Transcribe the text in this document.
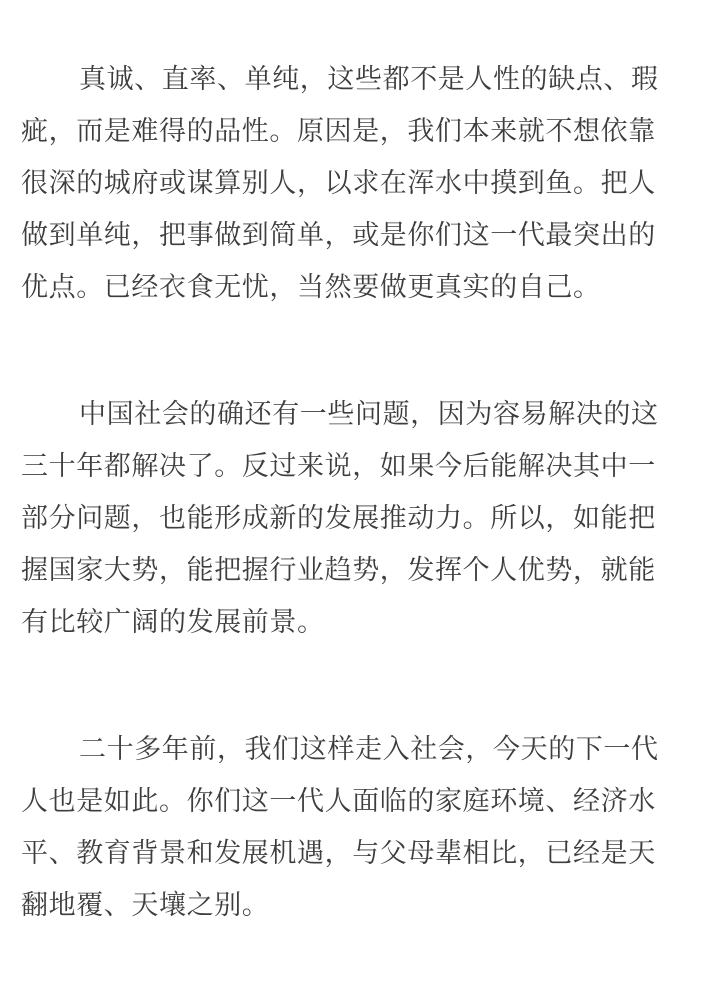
真诚、直率、单纯，这些都不是人性的缺点、瑕
疵，而是难得的品性。原因是，我们本来就不想依靠
很深的城府或谋算别人，以求在浑水中摸到鱼。把人
做到单纯，把事做到简单，或是你们这一代最突出的
优点。已经衣食无忧，当然要做更真实的自己。
中国社会的确还有一些问题，因为容易解决的这
三十年都解决了。反过来说，如果今后能解决其中一
部分问题，也能形成新的发展推动力。所以，如能把
握国家大势，能把握行业趋势，发挥个人优势，就能
有比较广阔的发展前景。
二十多年前，我们这样走入社会，今天的下一代
人也是如此。你们这一代人面临的家庭环境、经济水
平、教育背景和发展机遇，与父母辈相比，已经是天
翻地覆、天壤之别。
